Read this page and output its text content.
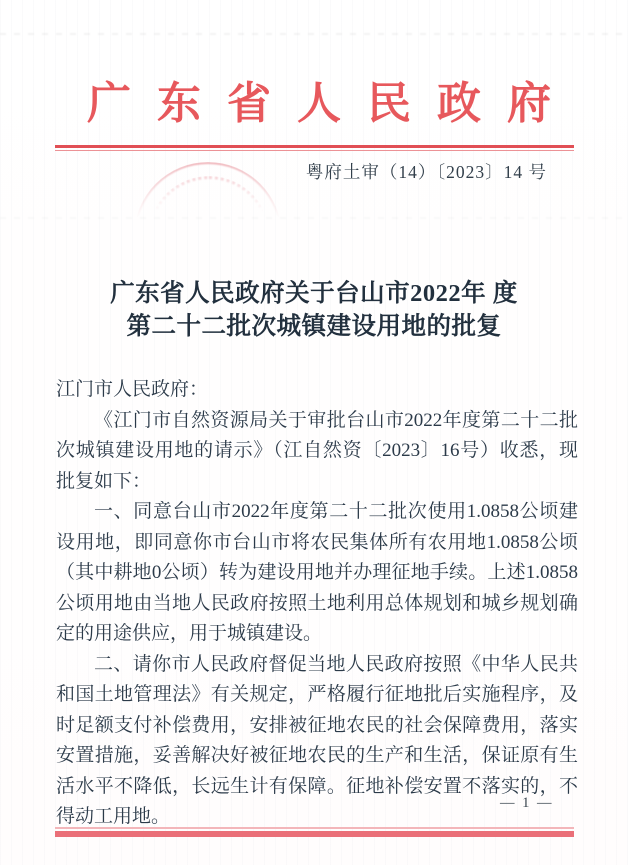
广东省人民政府
粤府土审（14）〔2023〕14 号
广东省人民政府关于台山市2022年 度
第二十二批次城镇建设用地的批复

江门市人民政府：

《江门市自然资源局关于审批台山市2022年度第二十二批次城镇建设用地的请示》（江自然资〔2023〕16号）收悉，现批复如下：

一、同意台山市2022年度第二十二批次使用1.0858公顷建设用地，即同意你市台山市将农民集体所有农用地1.0858公顷（其中耕地0公顷）转为建设用地并办理征地手续。上述1.0858公顷用地由当地人民政府按照土地利用总体规划和城乡规划确定的用途供应，用于城镇建设。

二、请你市人民政府督促当地人民政府按照《中华人民共和国土地管理法》有关规定，严格履行征地批后实施程序，及时足额支付补偿费用，安排被征地农民的社会保障费用，落实安置措施，妥善解决好被征地农民的生产和生活，保证原有生活水平不降低，长远生计有保障。征地补偿安置不落实的，不得动工用地。

— 1 —
